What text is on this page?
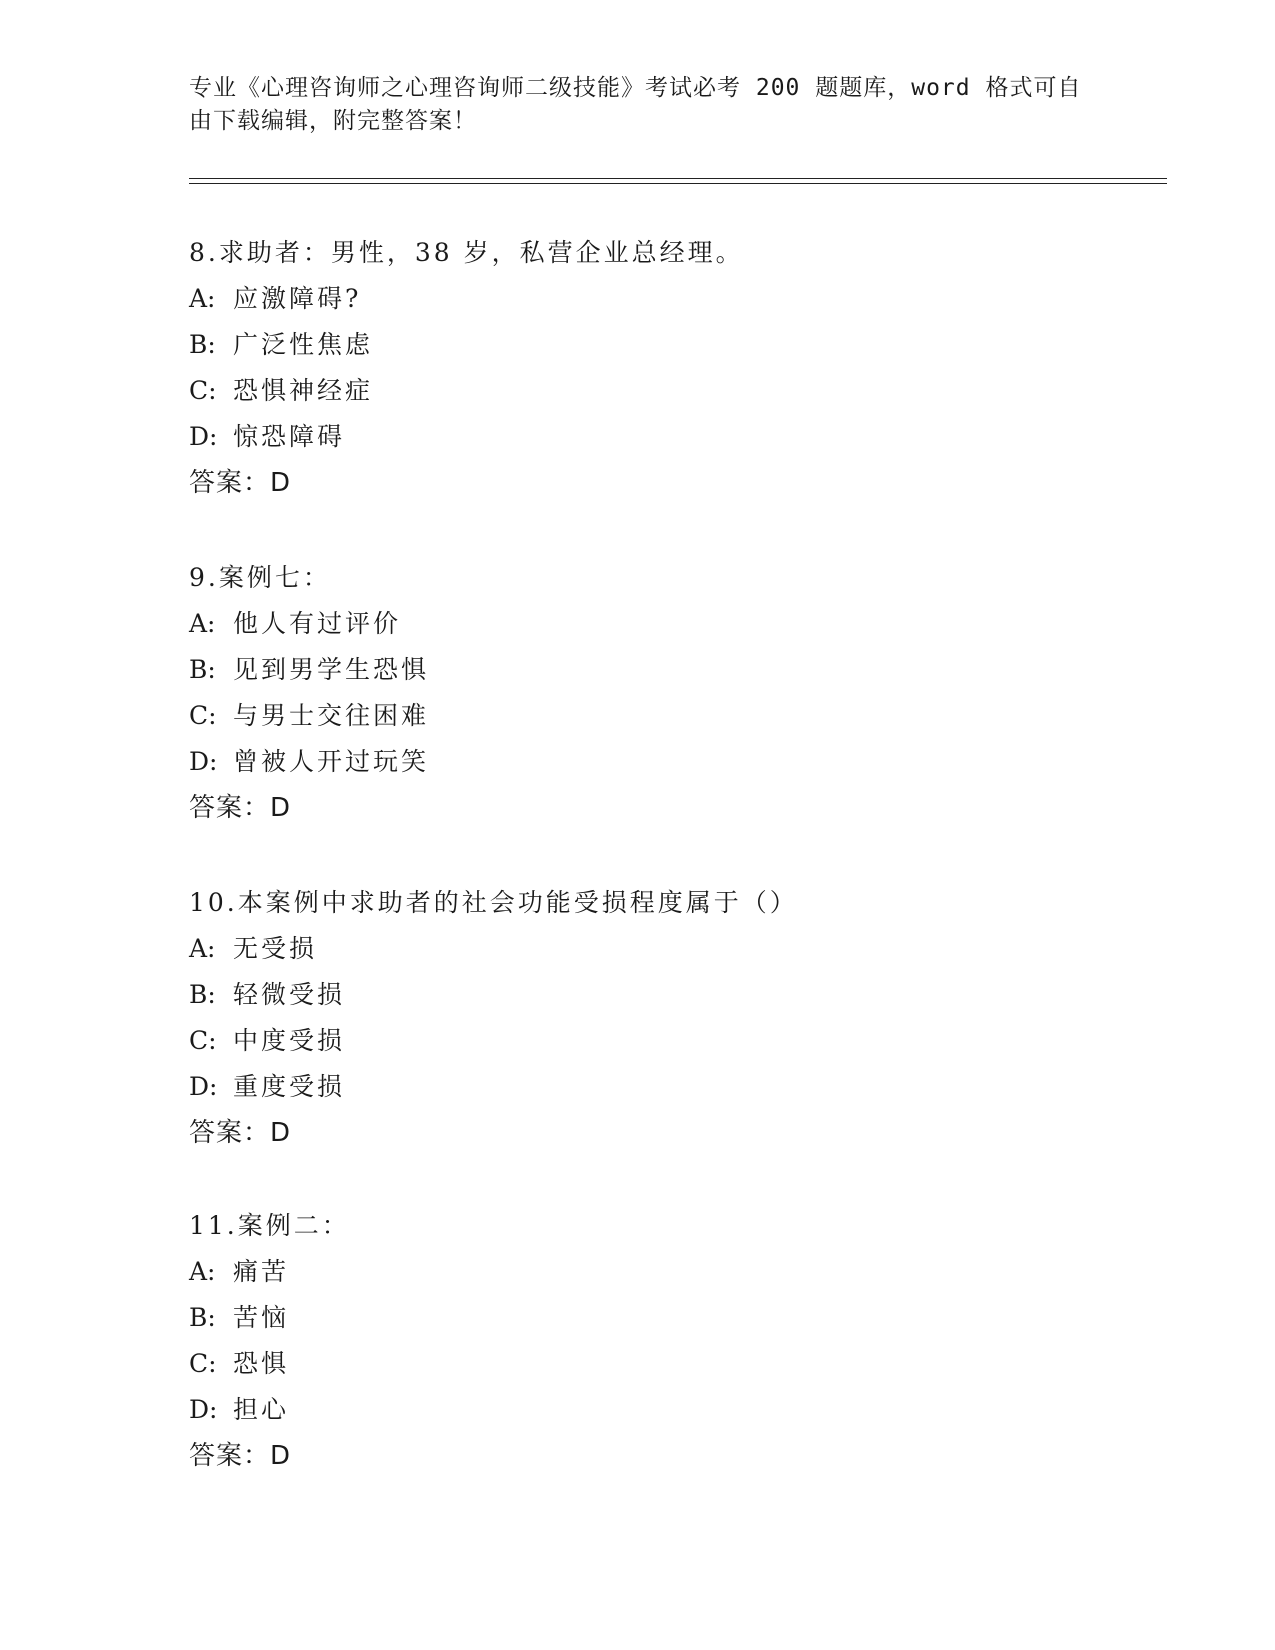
专业《心理咨询师之心理咨询师二级技能》考试必考 200 题题库，word 格式可自
由下载编辑，附完整答案！
8.求助者：男性，38 岁，私营企业总经理。
A: 应激障碍?
B: 广泛性焦虑
C: 恐惧神经症
D: 惊恐障碍
答案：D
9.案例七：
A: 他人有过评价
B: 见到男学生恐惧
C: 与男士交往困难
D: 曾被人开过玩笑
答案：D
10.本案例中求助者的社会功能受损程度属于（）
A: 无受损
B: 轻微受损
C: 中度受损
D: 重度受损
答案：D
11.案例二：
A: 痛苦
B: 苦恼
C: 恐惧
D: 担心
答案：D
